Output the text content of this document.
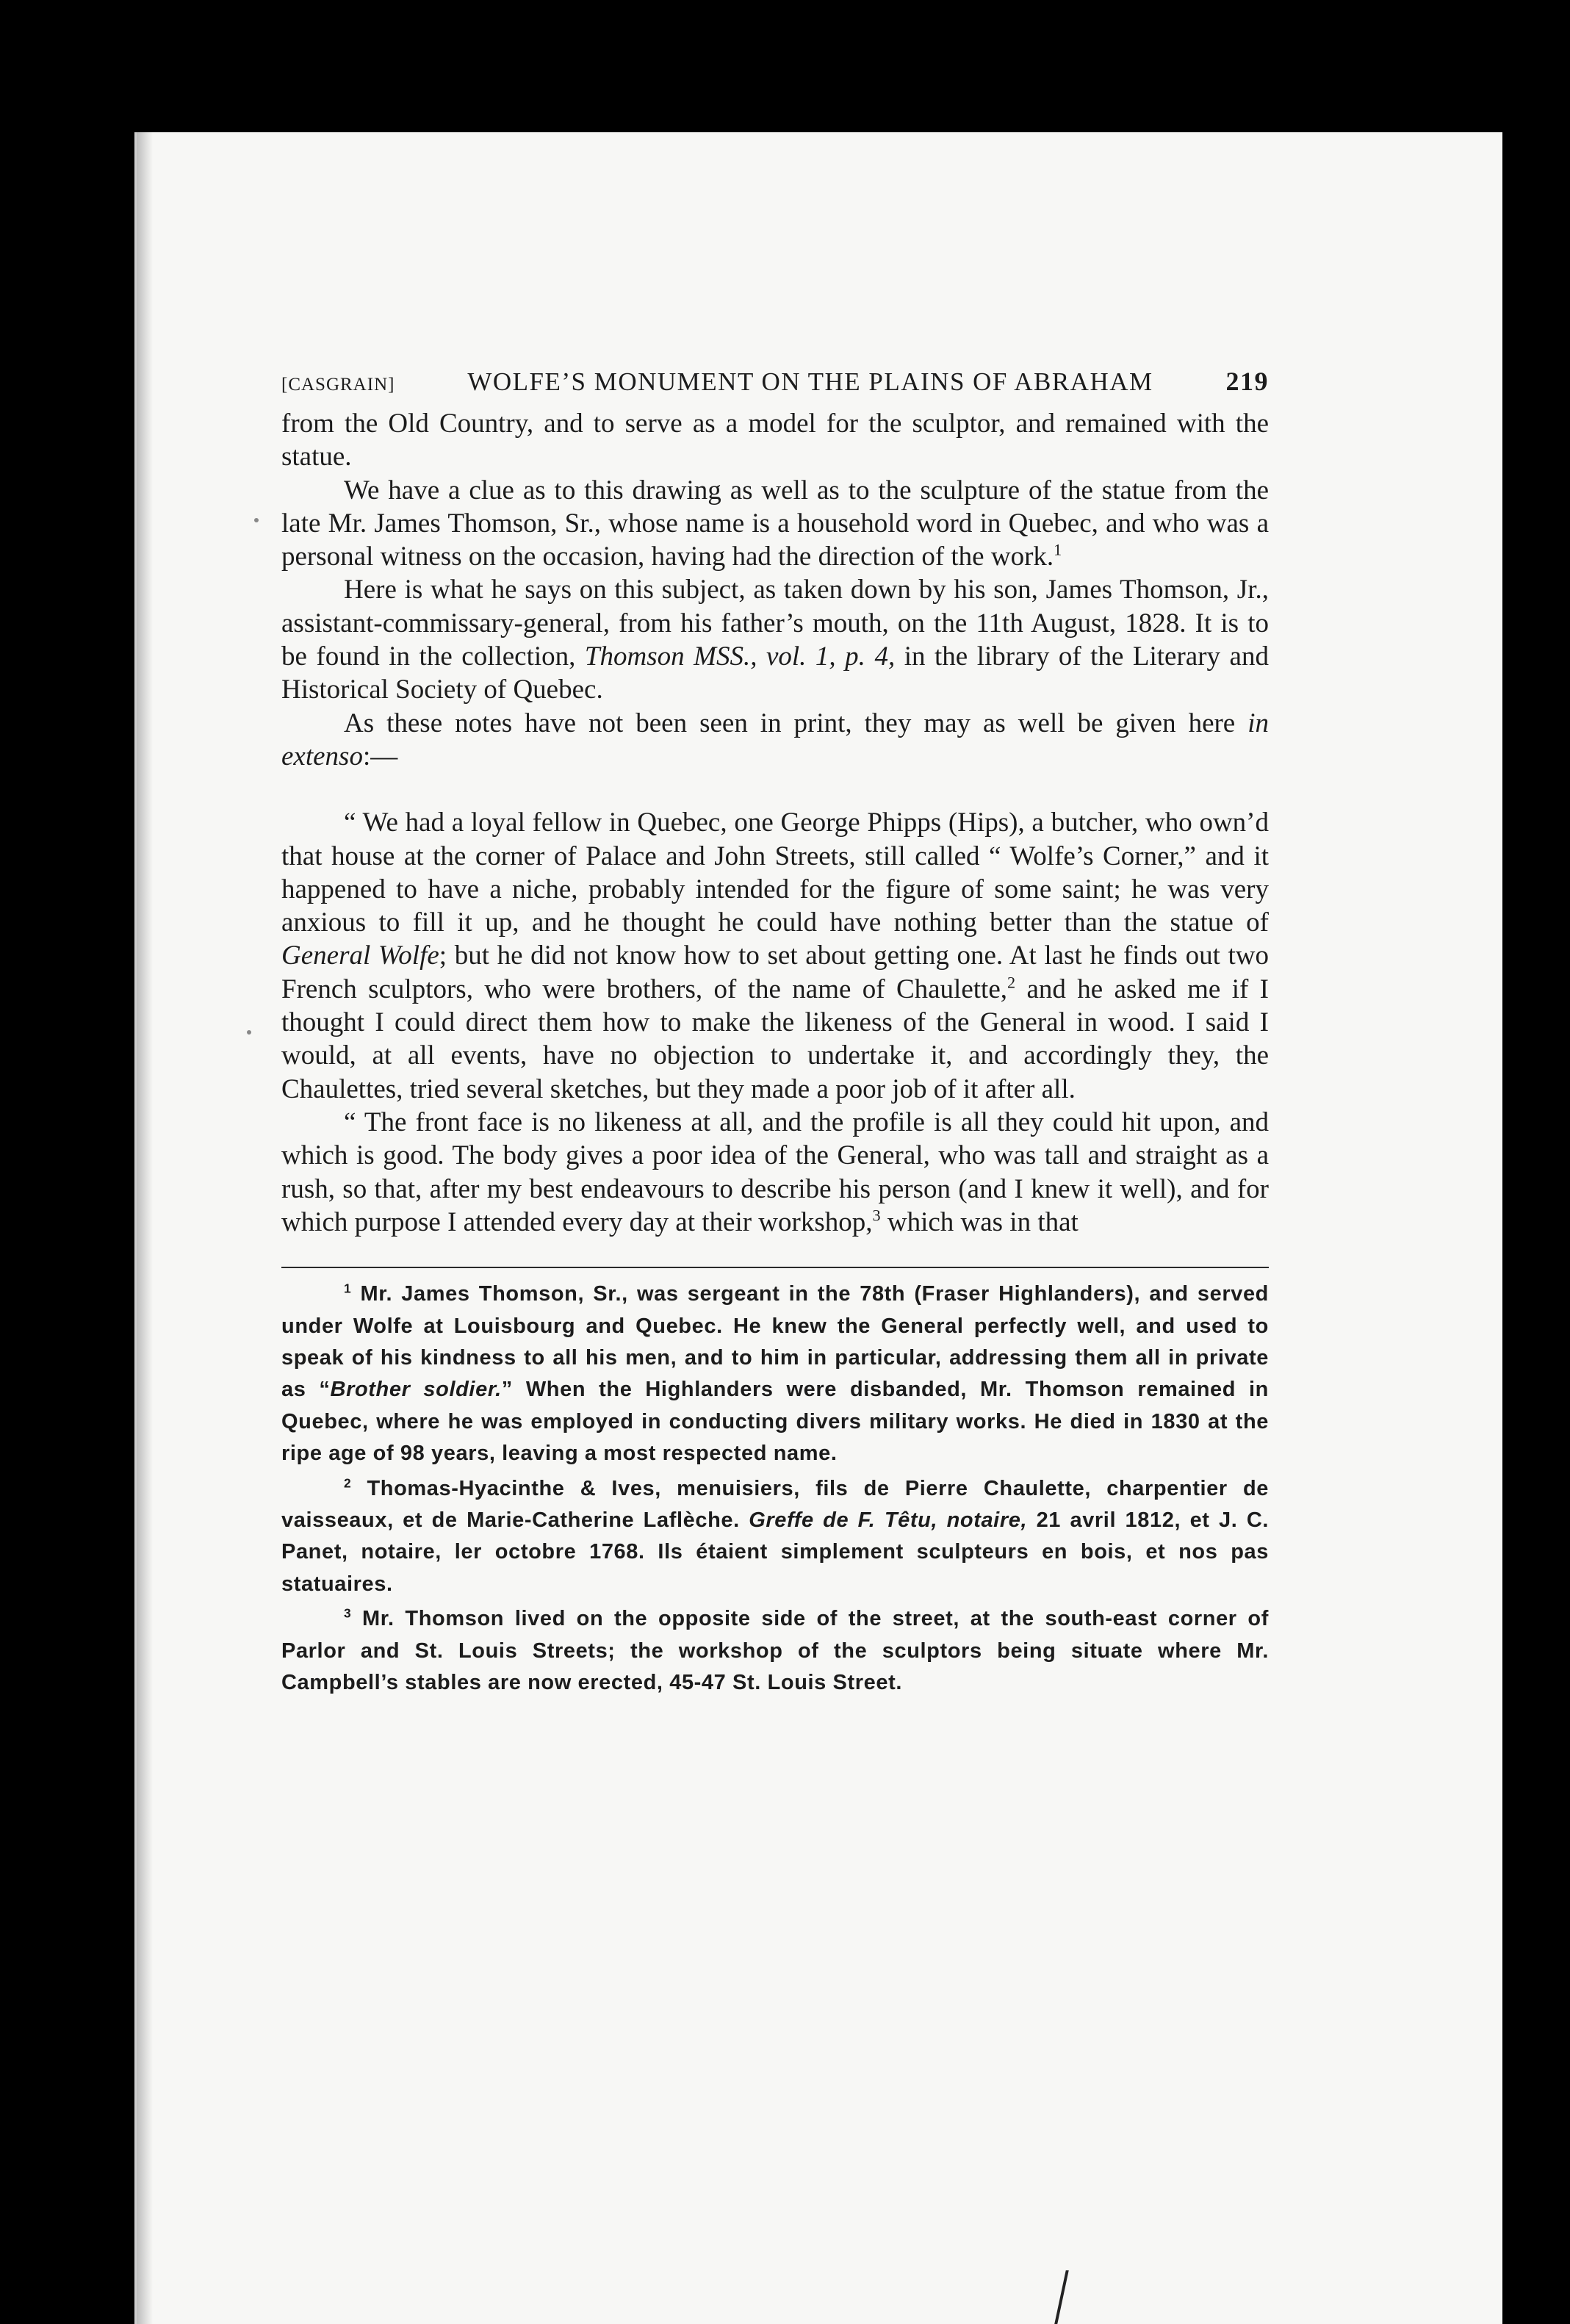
[CASGRAIN]	WOLFE’S MONUMENT ON THE PLAINS OF ABRAHAM	219

from the Old Country, and to serve as a model for the sculptor, and remained with the statue.

We have a clue as to this drawing as well as to the sculpture of the statue from the late Mr. James Thomson, Sr., whose name is a household word in Quebec, and who was a personal witness on the occasion, having had the direction of the work.$^1$

Here is what he says on this subject, as taken down by his son, James Thomson, Jr., assistant-commissary-general, from his father’s mouth, on the 11th August, 1828. It is to be found in the collection, Thomson MSS., vol. 1, p. 4, in the library of the Literary and Historical Society of Quebec.

As these notes have not been seen in print, they may as well be given here in extenso:—

“ We had a loyal fellow in Quebec, one George Phipps (Hips), a butcher, who own’d that house at the corner of Palace and John Streets, still called “ Wolfe’s Corner,” and it happened to have a niche, probably intended for the figure of some saint; he was very anxious to fill it up, and he thought he could have nothing better than the statue of General Wolfe; but he did not know how to set about getting one. At last he finds out two French sculptors, who were brothers, of the name of Chaulette,$^2$ and he asked me if I thought I could direct them how to make the likeness of the General in wood. I said I would, at all events, have no objection to undertake it, and accordingly they, the Chaulettes, tried several sketches, but they made a poor job of it after all.

“ The front face is no likeness at all, and the profile is all they could hit upon, and which is good. The body gives a poor idea of the General, who was tall and straight as a rush, so that, after my best endeavours to describe his person (and I knew it well), and for which purpose I attended every day at their workshop,$^3$ which was in that

$^1$ Mr. James Thomson, Sr., was sergeant in the 78th (Fraser Highlanders), and served under Wolfe at Louisbourg and Quebec. He knew the General perfectly well, and used to speak of his kindness to all his men, and to him in particular, addressing them all in private as “Brother soldier.” When the Highlanders were disbanded, Mr. Thomson remained in Quebec, where he was employed in conducting divers military works. He died in 1830 at the ripe age of 98 years, leaving a most respected name.

$^2$ Thomas-Hyacinthe & Ives, menuisiers, fils de Pierre Chaulette, charpentier de vaisseaux, et de Marie-Catherine Laflèche. Greffe de F. Têtu, notaire, 21 avril 1812, et J. C. Panet, notaire, ler octobre 1768. Ils étaient simplement sculpteurs en bois, et nos pas statuaires.

$^3$ Mr. Thomson lived on the opposite side of the street, at the south-east corner of Parlor and St. Louis Streets; the workshop of the sculptors being situate where Mr. Campbell’s stables are now erected, 45-47 St. Louis Street.
